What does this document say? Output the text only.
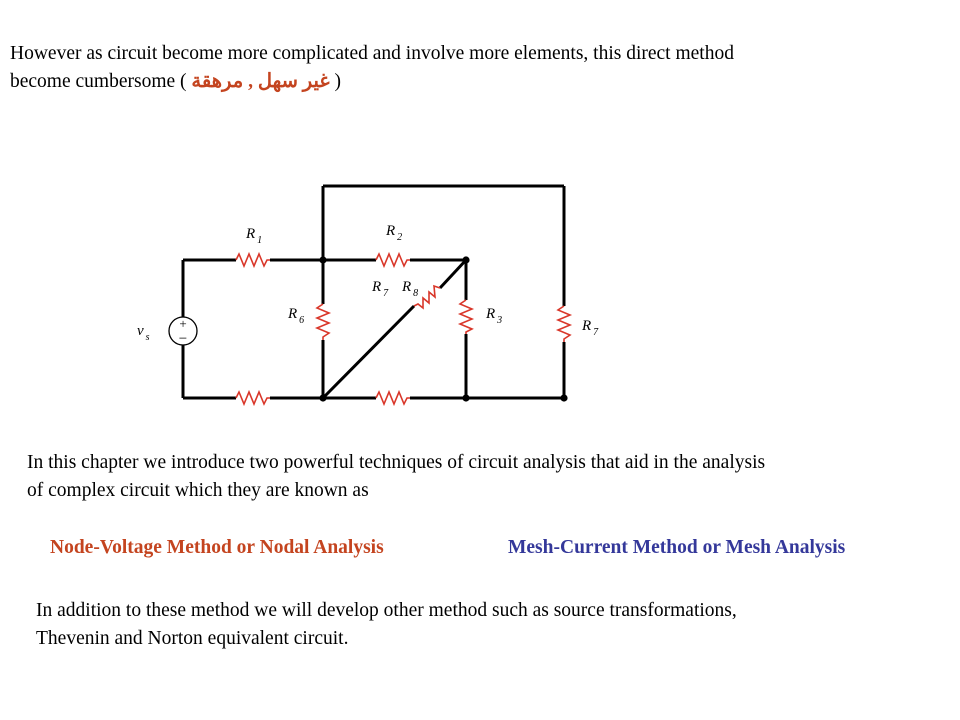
However as circuit become more complicated and involve more elements, this direct method

become cumbersome ( غير سهل , مرهقة )

+
−
v $_s$
R $_1$
R $_2$
R $_7$ R $_8$
R $_6$	R $_3$	R $_7$

In this chapter we introduce two powerful techniques of circuit analysis that aid in the analysis

of complex circuit which they are known as

Node-Voltage Method or Nodal Analysis	Mesh-Current Method or Mesh Analysis

In addition to these method we will develop other method such as source transformations,

Thevenin and Norton equivalent circuit.
